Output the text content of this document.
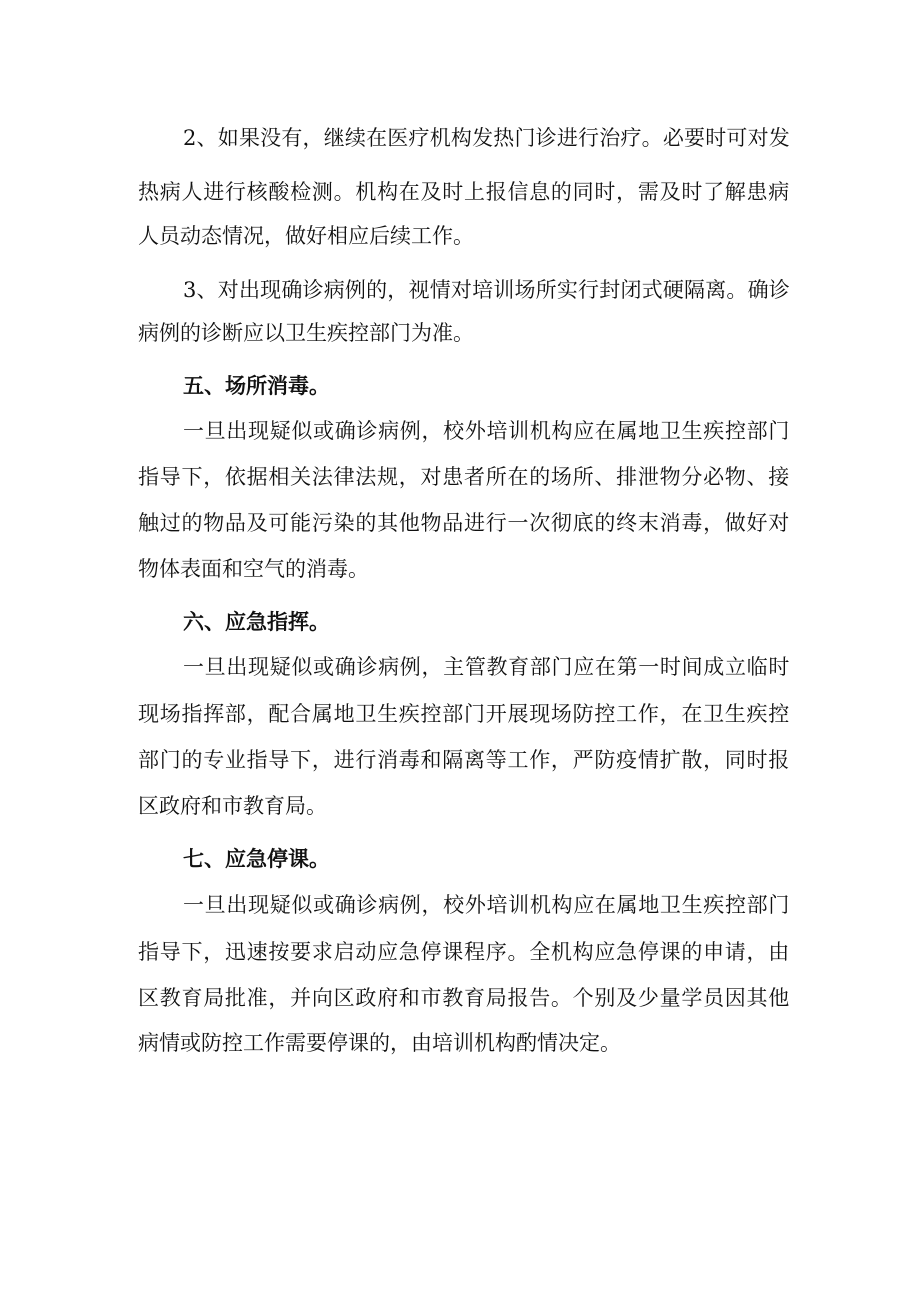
2、如果没有，继续在医疗机构发热门诊进行治疗。必要时可对发
热病人进行核酸检测。机构在及时上报信息的同时，需及时了解患病
人员动态情况，做好相应后续工作。
3、对出现确诊病例的，视情对培训场所实行封闭式硬隔离。确诊
病例的诊断应以卫生疾控部门为准。
五、场所消毒。
一旦出现疑似或确诊病例，校外培训机构应在属地卫生疾控部门
指导下，依据相关法律法规，对患者所在的场所、排泄物分必物、接
触过的物品及可能污染的其他物品进行一次彻底的终末消毒，做好对
物体表面和空气的消毒。
六、应急指挥。
一旦出现疑似或确诊病例，主管教育部门应在第一时间成立临时
现场指挥部，配合属地卫生疾控部门开展现场防控工作，在卫生疾控
部门的专业指导下，进行消毒和隔离等工作，严防疫情扩散，同时报
区政府和市教育局。
七、应急停课。
一旦出现疑似或确诊病例，校外培训机构应在属地卫生疾控部门
指导下，迅速按要求启动应急停课程序。全机构应急停课的申请，由
区教育局批准，并向区政府和市教育局报告。个别及少量学员因其他
病情或防控工作需要停课的，由培训机构酌情决定。
